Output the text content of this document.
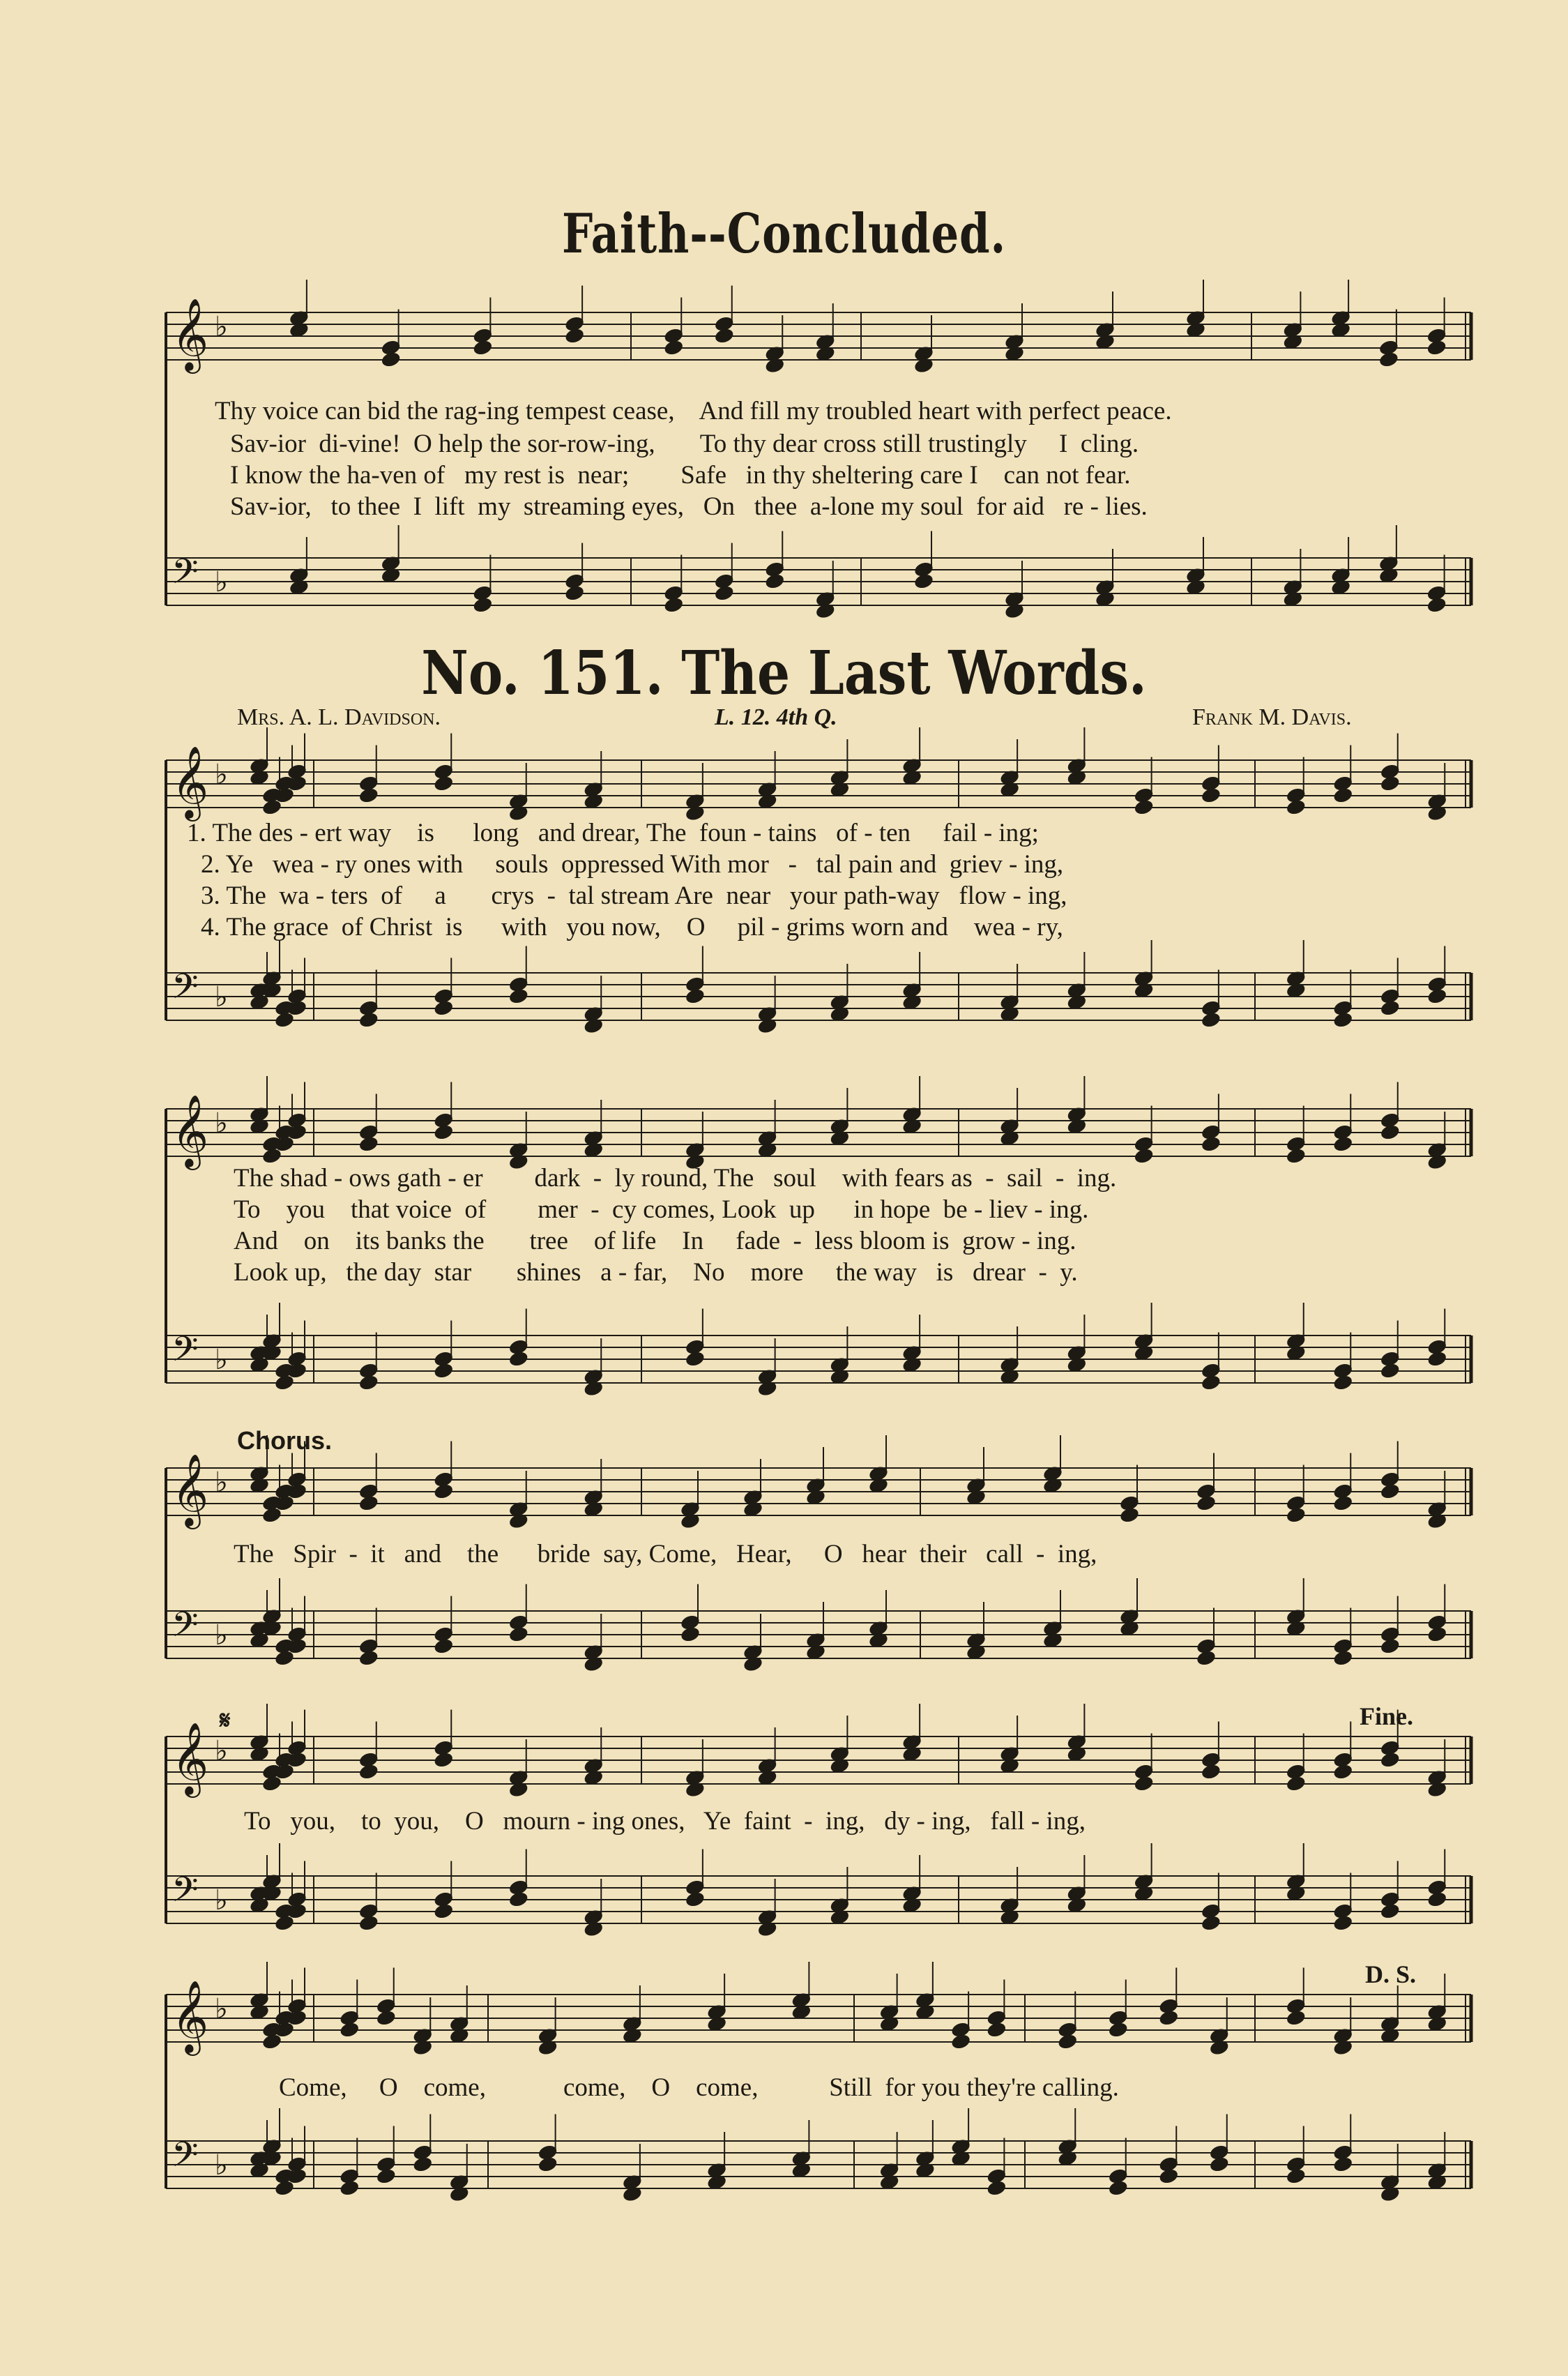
𝄞 ♭
𝄢 ♭
𝄞 ♭
𝄢 ♭
𝄞 ♭
𝄢 ♭
𝄞 ♭
𝄢 ♭
𝄞 ♭
𝄢 ♭
𝄞 ♭
𝄢 ♭
Faith--Concluded.
Thy voice can bid the rag-ing tempest cease,    And fill my troubled heart with perfect peace.
Sav-ior  di-vine!  O help the sor-row-ing,       To thy dear cross still trustingly     I  cling.
I know the ha-ven of   my rest is  near;        Safe   in thy sheltering care I    can not fear.
Sav-ior,   to thee  I  lift  my  streaming eyes,   On   thee  a-lone my soul  for aid   re - lies.
No. 151. The Last Words.
Mrs. A. L. Davidson.	L. 12. 4th Q.	Frank M. Davis.
1. The des - ert way    is      long   and drear, The  foun - tains   of - ten     fail - ing;
2. Ye   wea - ry ones with     souls  oppressed With mor   -   tal pain and  griev - ing,
3. The  wa - ters  of     a       crys  -  tal stream Are  near   your path-way   flow - ing,
4. The grace  of Christ  is      with   you now,    O     pil - grims worn and    wea - ry,
The shad - ows gath - er        dark  -  ly round, The   soul    with fears as  -  sail  -  ing.
To    you    that voice  of        mer  -  cy comes, Look  up      in hope  be - liev - ing.
And    on    its banks the       tree    of life    In     fade  -  less bloom is  grow - ing.
Look up,   the day  star       shines   a - far,    No    more     the way   is   drear  -  y.
Chorus.
The   Spir  -  it   and    the      bride  say, Come,   Hear,     O   hear  their   call  -  ing,
𝄋	Fine.
To   you,    to  you,    O   mourn - ing ones,   Ye  faint  -  ing,   dy - ing,   fall - ing,
D. S.
Come,     O    come,            come,    O    come,           Still  for you they're calling.
